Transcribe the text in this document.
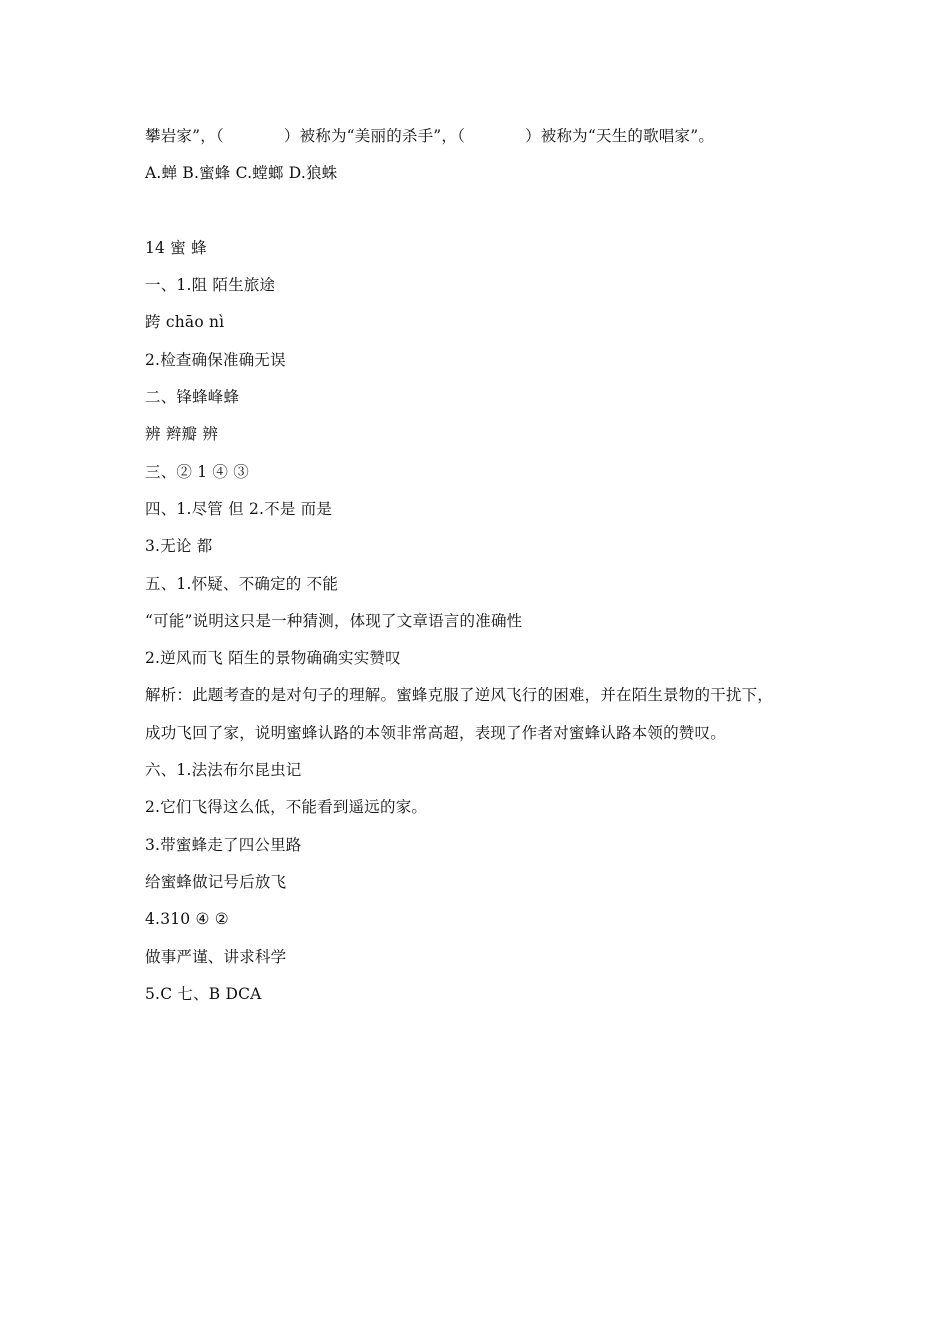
攀岩家”，（	）被称为“美丽的杀手”，（	）被称为“天生的歌唱家”。
A.蝉 B.蜜蜂 C.螳螂 D.狼蛛
14 蜜 蜂
一、1.阻 陌生旅途
跨 chāo nì
2.检查确保准确无误
二、锋蜂峰蜂
辨 辫瓣 辨
三、② 1 ④ ③
四、1.尽管 但 2.不是 而是
3.无论 都
五、1.怀疑、不确定的 不能
“可能”说明这只是一种猜测，体现了文章语言的准确性
2.逆风而飞 陌生的景物确确实实赞叹
解析：此题考查的是对句子的理解。蜜蜂克服了逆风飞行的困难，并在陌生景物的干扰下，
成功飞回了家，说明蜜蜂认路的本领非常高超，表现了作者对蜜蜂认路本领的赞叹。
六、1.法法布尔昆虫记
2.它们飞得这么低，不能看到遥远的家。
3.带蜜蜂走了四公里路
给蜜蜂做记号后放飞
4.310 ④ ②
做事严谨、讲求科学
5.C 七、B DCA
